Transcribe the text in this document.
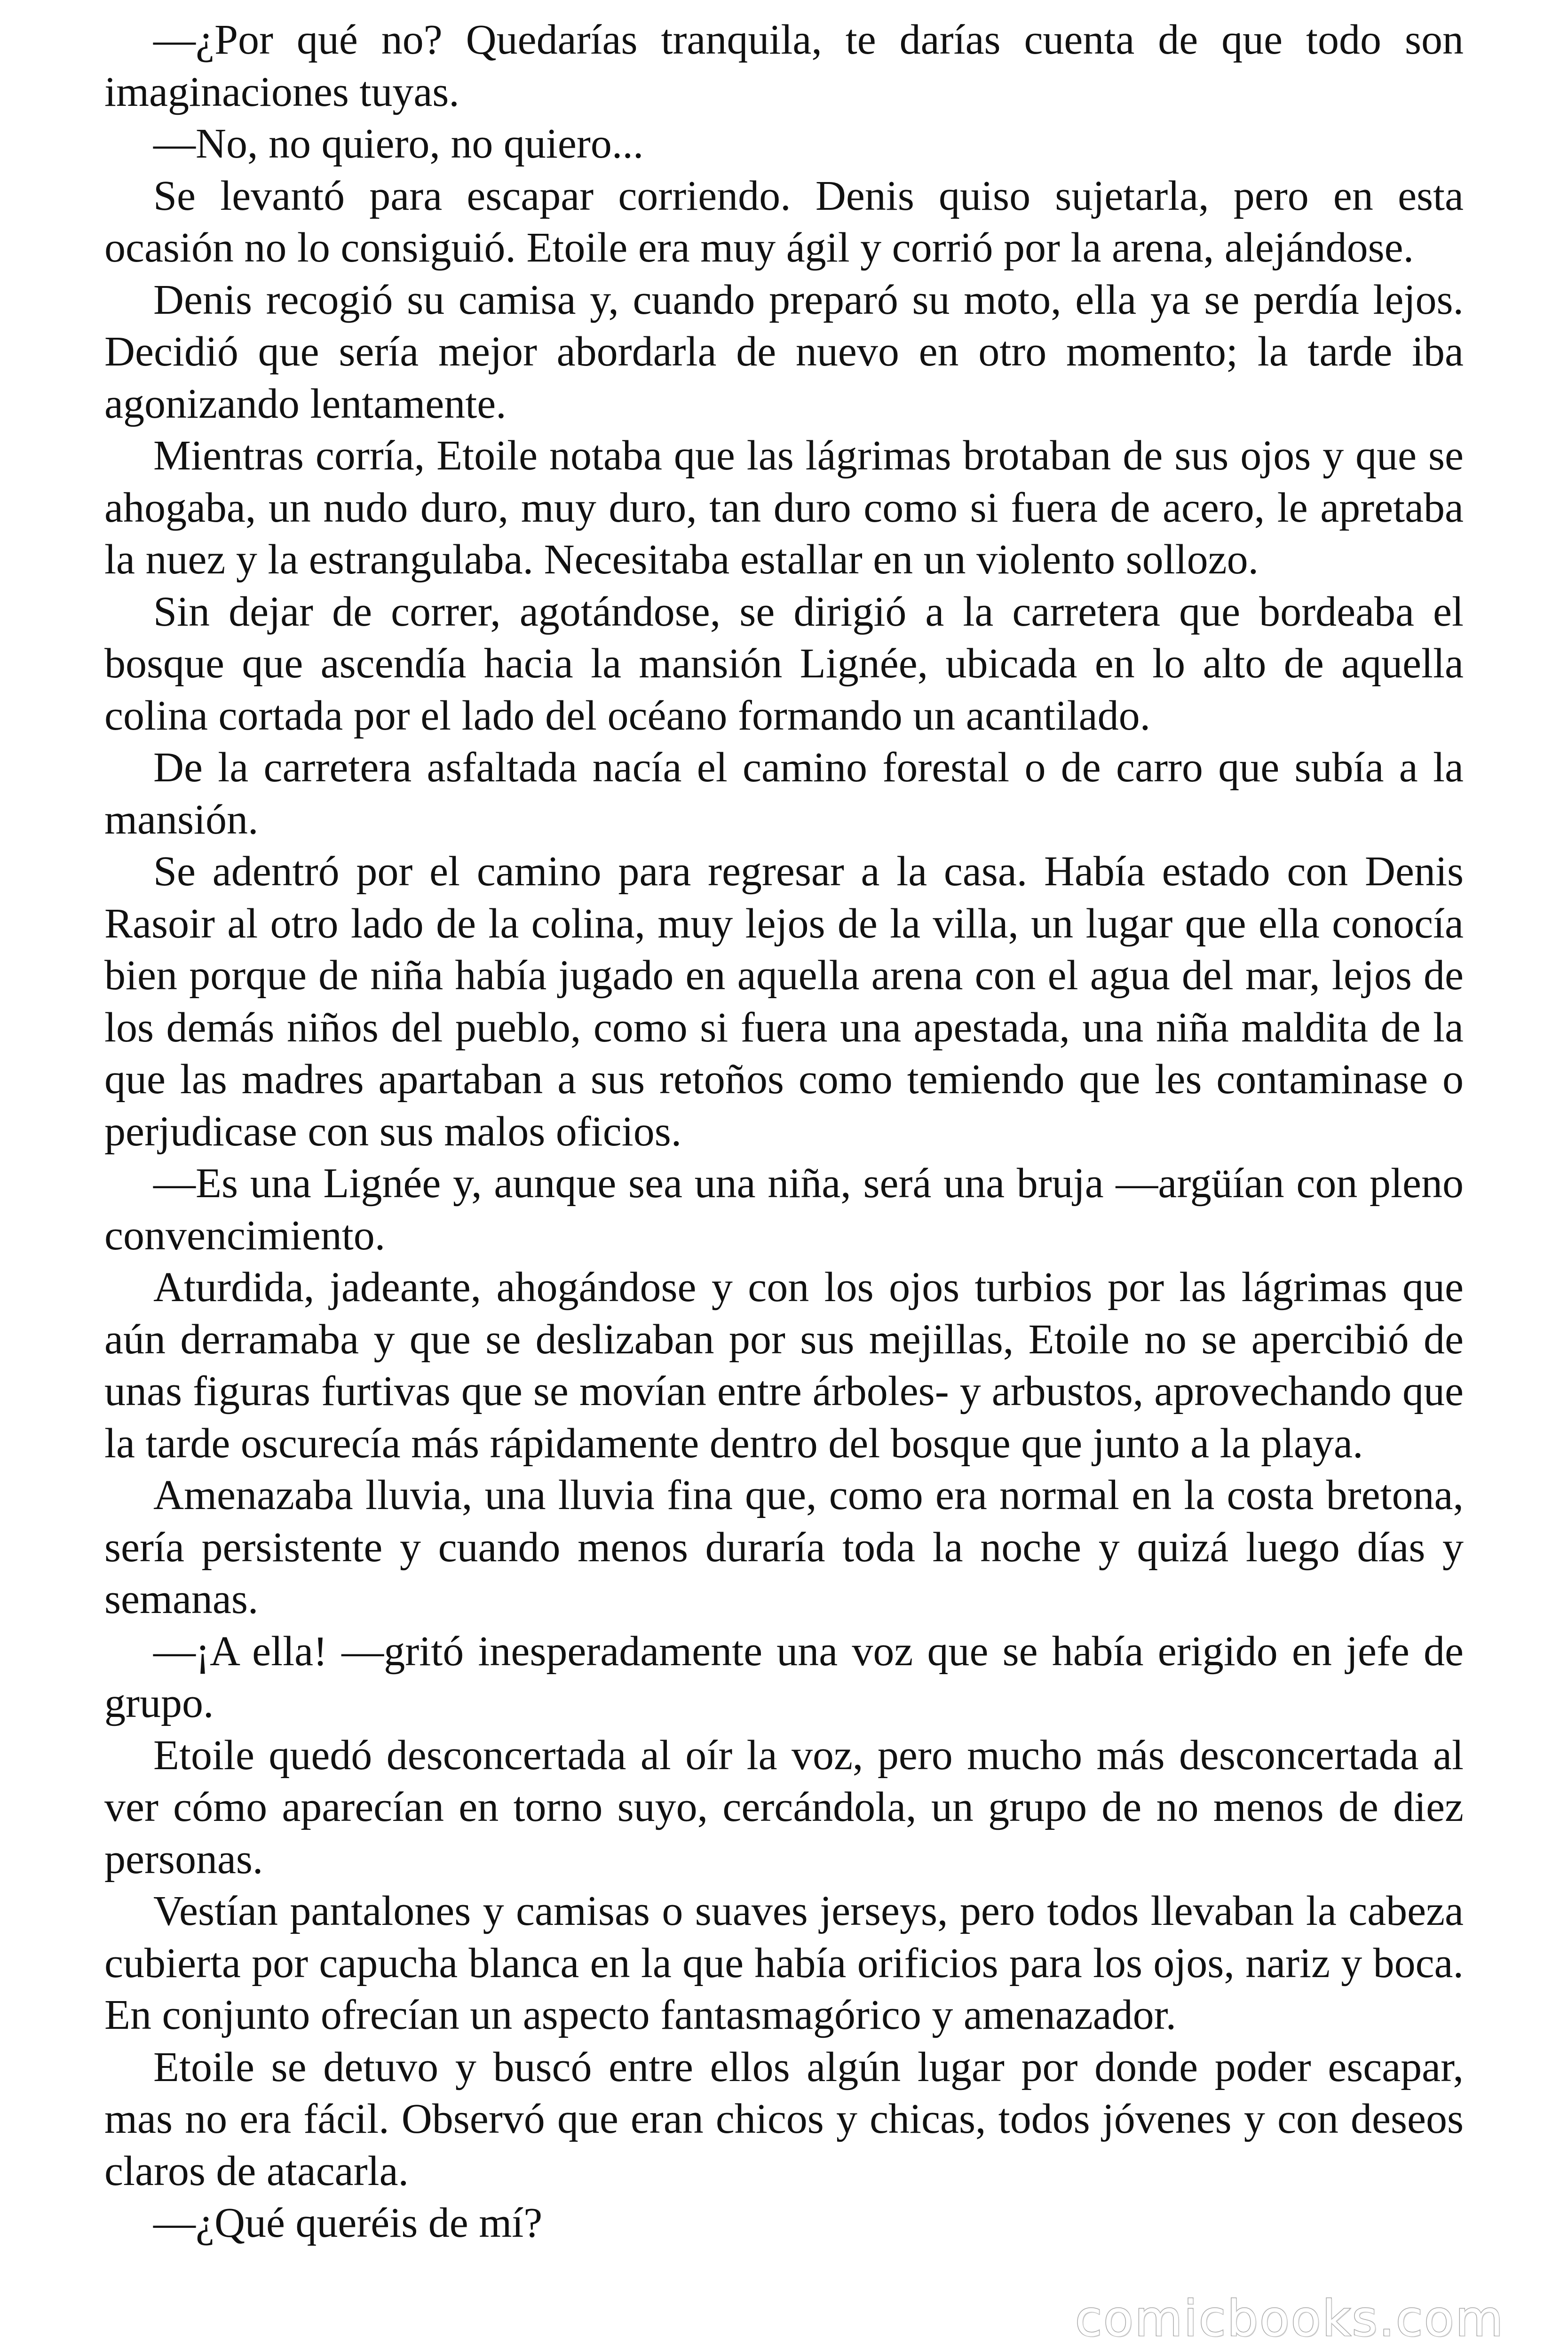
—¿Por qué no? Quedarías tranquila, te darías cuenta de que todo son imaginaciones tuyas.

—No, no quiero, no quiero...

Se levantó para escapar corriendo. Denis quiso sujetarla, pero en esta ocasión no lo consiguió. Etoile era muy ágil y corrió por la arena, alejándose.

Denis recogió su camisa y, cuando preparó su moto, ella ya se perdía lejos. Decidió que sería mejor abordarla de nuevo en otro momento; la tarde iba agonizando lentamente.

Mientras corría, Etoile notaba que las lágrimas brotaban de sus ojos y que se ahogaba, un nudo duro, muy duro, tan duro como si fuera de acero, le apretaba la nuez y la estrangulaba. Necesitaba estallar en un violento sollozo.

Sin dejar de correr, agotándose, se dirigió a la carretera que bordeaba el bosque que ascendía hacia la mansión Lignée, ubicada en lo alto de aquella colina cortada por el lado del océano formando un acantilado.

De la carretera asfaltada nacía el camino forestal o de carro que subía a la mansión.

Se adentró por el camino para regresar a la casa. Había estado con Denis Rasoir al otro lado de la colina, muy lejos de la villa, un lugar que ella conocía bien porque de niña había jugado en aquella arena con el agua del mar, lejos de los demás niños del pueblo, como si fuera una apestada, una niña maldita de la que las madres apartaban a sus retoños como temiendo que les contaminase o perjudicase con sus malos oficios.

—Es una Lignée y, aunque sea una niña, será una bruja —argüían con pleno convencimiento.

Aturdida, jadeante, ahogándose y con los ojos turbios por las lágrimas que aún derramaba y que se deslizaban por sus mejillas, Etoile no se apercibió de unas figuras furtivas que se movían entre árboles- y arbustos, aprovechando que la tarde oscurecía más rápidamente dentro del bosque que junto a la playa.

Amenazaba lluvia, una lluvia fina que, como era normal en la costa bretona, sería persistente y cuando menos duraría toda la noche y quizá luego días y semanas.

—¡A ella! —gritó inesperadamente una voz que se había erigido en jefe de grupo.

Etoile quedó desconcertada al oír la voz, pero mucho más desconcertada al ver cómo aparecían en torno suyo, cercándola, un grupo de no menos de diez personas.

Vestían pantalones y camisas o suaves jerseys, pero todos llevaban la cabeza cubierta por capucha blanca en la que había orificios para los ojos, nariz y boca. En conjunto ofrecían un aspecto fantasmagórico y amenazador.

Etoile se detuvo y buscó entre ellos algún lugar por donde poder escapar, mas no era fácil. Observó que eran chicos y chicas, todos jóvenes y con deseos claros de atacarla.

—¿Qué queréis de mí?

comicbooks.com
